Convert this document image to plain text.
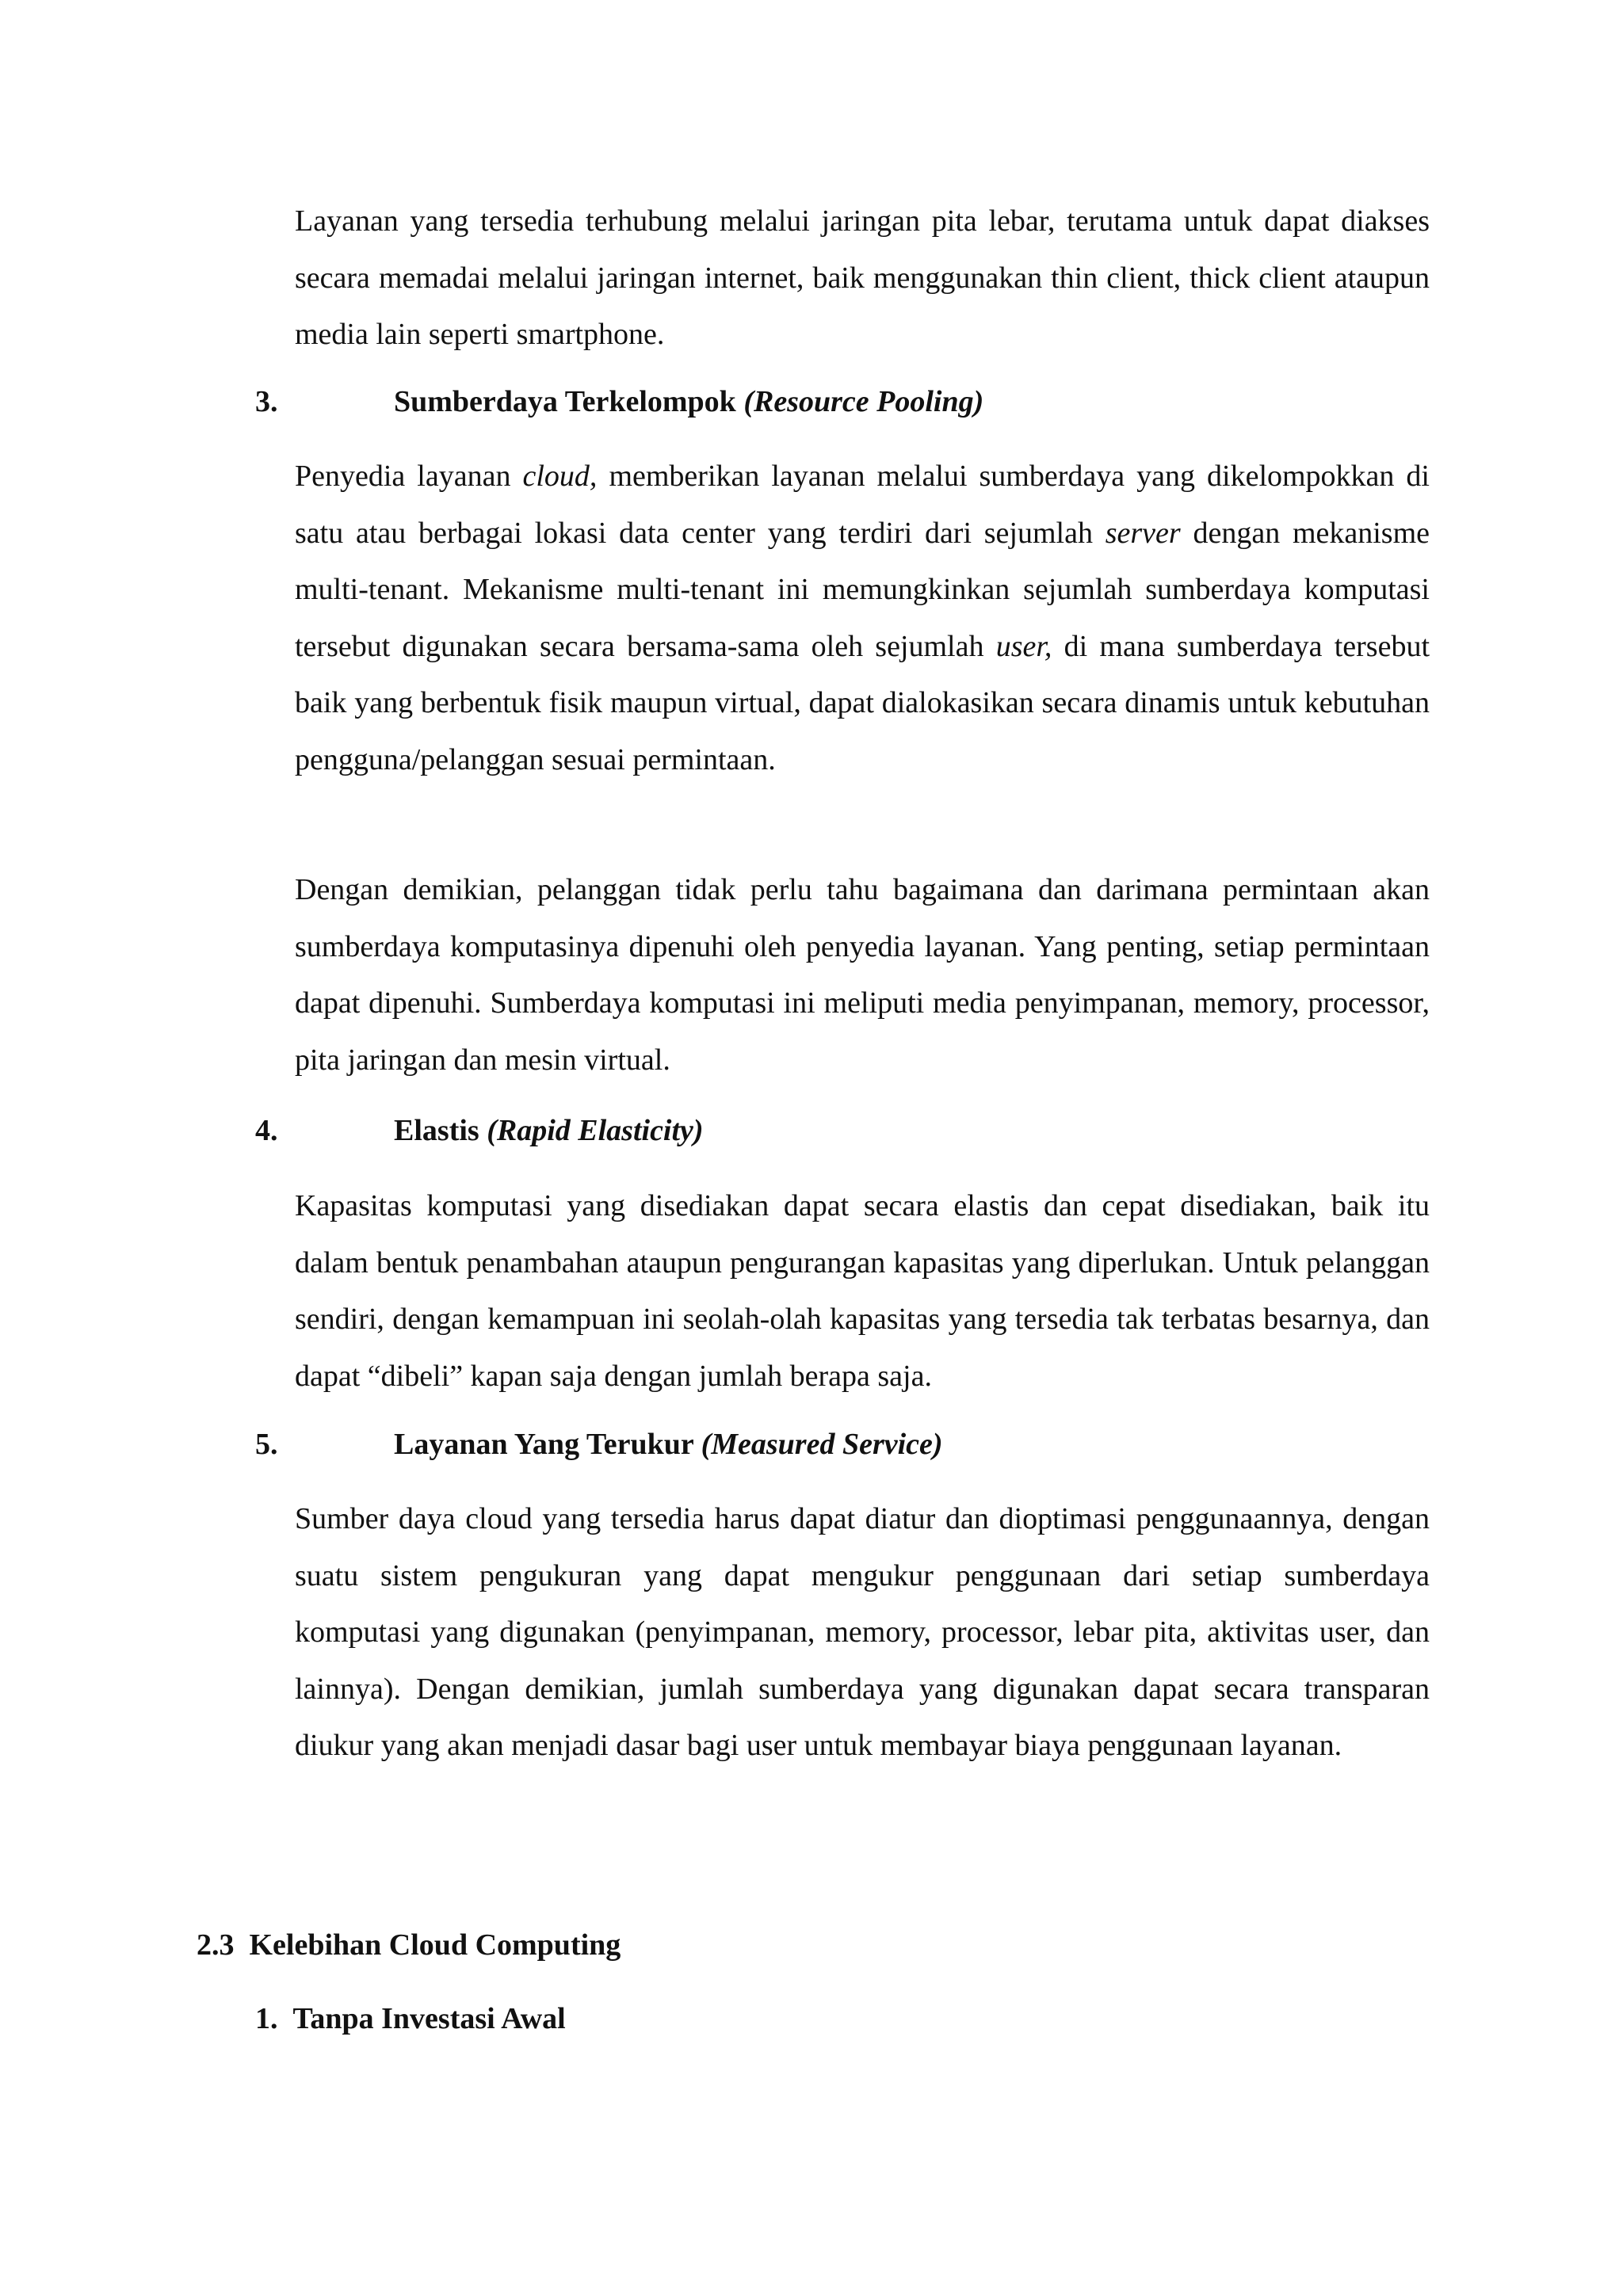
Layanan yang tersedia terhubung melalui jaringan pita lebar, terutama untuk dapat diakses secara memadai melalui jaringan internet, baik menggunakan thin client, thick client ataupun media lain seperti smartphone.

3.	Sumberdaya Terkelompok (Resource Pooling)

Penyedia layanan cloud, memberikan layanan melalui sumberdaya yang dikelompokkan di satu atau berbagai lokasi data center yang terdiri dari sejumlah server dengan mekanisme multi-tenant. Mekanisme multi-tenant ini memungkinkan sejumlah sumberdaya komputasi tersebut digunakan secara bersama-sama oleh sejumlah user, di mana sumberdaya tersebut baik yang berbentuk fisik maupun virtual, dapat dialokasikan secara dinamis untuk kebutuhan pengguna/pelanggan sesuai permintaan.

Dengan demikian, pelanggan tidak perlu tahu bagaimana dan darimana permintaan akan sumberdaya komputasinya dipenuhi oleh penyedia layanan. Yang penting, setiap permintaan dapat dipenuhi. Sumberdaya komputasi ini meliputi media penyimpanan, memory, processor, pita jaringan dan mesin virtual.

4.	Elastis (Rapid Elasticity)

Kapasitas komputasi yang disediakan dapat secara elastis dan cepat disediakan, baik itu dalam bentuk penambahan ataupun pengurangan kapasitas yang diperlukan. Untuk pelanggan sendiri, dengan kemampuan ini seolah-olah kapasitas yang tersedia tak terbatas besarnya, dan dapat “dibeli” kapan saja dengan jumlah berapa saja.

5.	Layanan Yang Terukur (Measured Service)

Sumber daya cloud yang tersedia harus dapat diatur dan dioptimasi penggunaannya, dengan suatu sistem pengukuran yang dapat mengukur penggunaan dari setiap sumberdaya komputasi yang digunakan (penyimpanan, memory, processor, lebar pita, aktivitas user, dan lainnya). Dengan demikian, jumlah sumberdaya yang digunakan dapat secara transparan diukur yang akan menjadi dasar bagi user untuk membayar biaya penggunaan layanan.

2.3 Kelebihan Cloud Computing
1. Tanpa Investasi Awal
